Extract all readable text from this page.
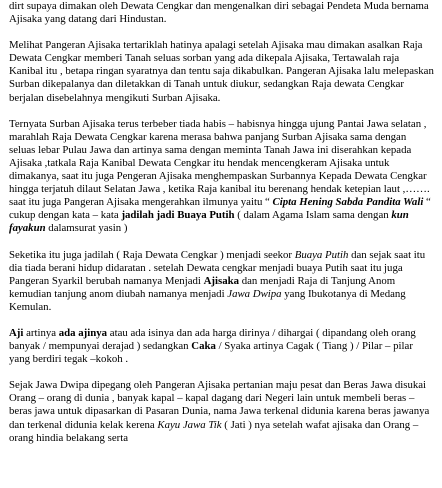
dirt supaya dimakan oleh Dewata Cengkar dan mengenalkan diri sebagai Pendeta Muda bernama Ajisaka yang datang dari Hindustan.

Melihat Pangeran Ajisaka tertariklah hatinya apalagi setelah Ajisaka mau dimakan asalkan Raja Dewata Cengkar memberi Tanah seluas sorban yang ada dikepala Ajisaka, Tertawalah raja Kanibal itu , betapa ringan syaratnya dan tentu saja dikabulkan. Pangeran Ajisaka lalu melepaskan Surban dikepalanya dan diletakkan di Tanah untuk diukur, sedangkan Raja dewata Cengkar berjalan disebelahnya mengikuti Surban Ajisaka.

Ternyata Surban Ajisaka terus terbeber tiada habis – habisnya hingga ujung Pantai Jawa selatan , marahlah Raja Dewata Cengkar karena merasa bahwa panjang Surban Ajisaka sama dengan seluas lebar Pulau Jawa dan artinya sama dengan meminta Tanah Jawa ini diserahkan kepada Ajisaka ,tatkala Raja Kanibal Dewata Cengkar itu hendak mencengkeram Ajisaka untuk dimakanya, saat itu juga Pengeran Ajisaka menghempaskan Surbannya Kepada Dewata Cengkar hingga terjatuh dilaut Selatan Jawa , ketika Raja kanibal itu berenang hendak ketepian laut ,……. saat itu juga Pangeran Ajisaka mengerahkan ilmunya yaitu “ Cipta Hening Sabda Pandita Wali “ cukup dengan kata – kata jadilah jadi Buaya Putih ( dalam Agama Islam sama dengan kun fayakun dalamsurat yasin )

Seketika itu juga jadilah ( Raja Dewata Cengkar ) menjadi seekor Buaya Putih dan sejak saat itu dia tiada berani hidup didaratan . setelah Dewata cengkar menjadi buaya Putih saat itu juga Pangeran Syarkil berubah namanya Menjadi Ajisaka dan menjadi Raja di Tanjung Anom kemudian tanjung anom diubah namanya menjadi Jawa Dwipa yang Ibukotanya di Medang Kemulan.

Aji artinya ada ajinya atau ada isinya dan ada harga dirinya / dihargai ( dipandang oleh orang banyak / mempunyai derajad ) sedangkan Caka / Syaka artinya Cagak ( Tiang ) / Pilar – pilar yang berdiri tegak –kokoh .

Sejak Jawa Dwipa dipegang oleh Pangeran Ajisaka pertanian maju pesat dan Beras Jawa disukai Orang – orang di dunia , banyak kapal – kapal dagang dari Negeri lain untuk membeli beras – beras jawa untuk dipasarkan di Pasaran Dunia, nama Jawa terkenal didunia karena beras jawanya dan terkenal didunia kelak kerena Kayu Jawa Tik ( Jati ) nya setelah wafat ajisaka dan Orang – orang hindia belakang serta
